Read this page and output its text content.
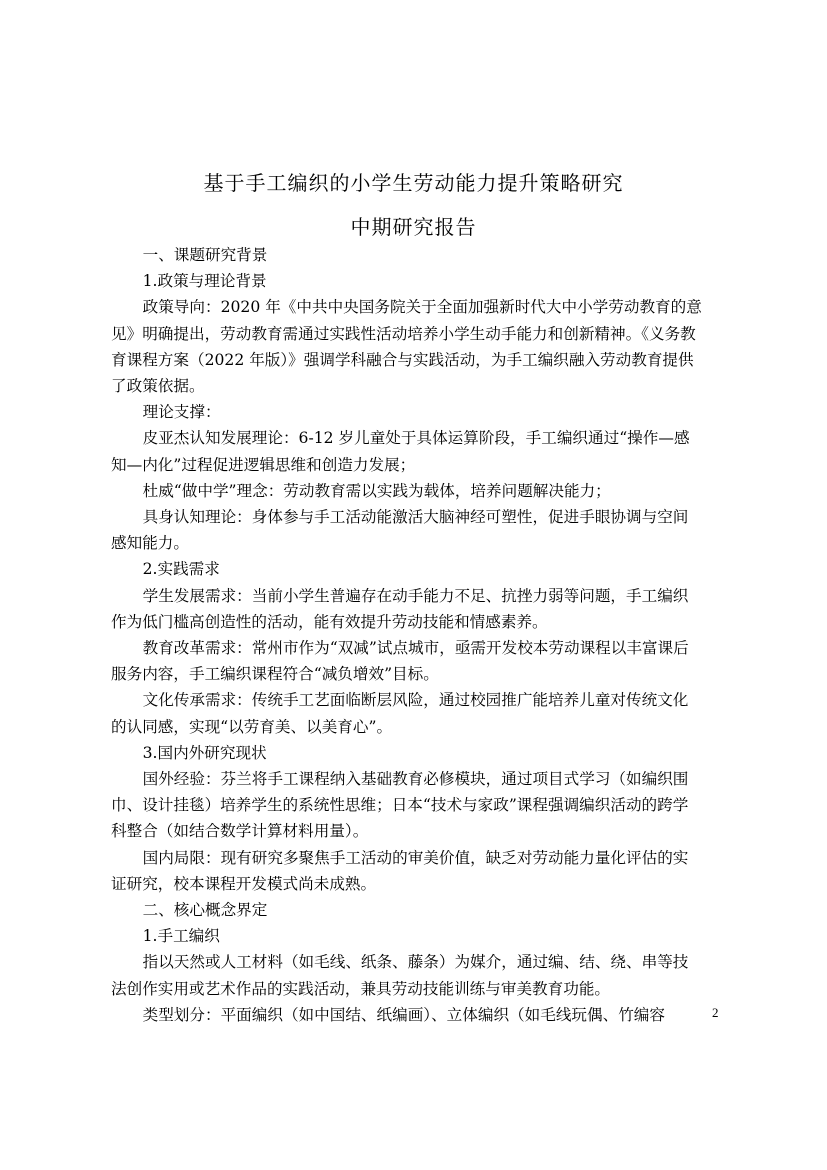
基于手工编织的小学生劳动能力提升策略研究
中期研究报告
　一、课题研究背景
　1.政策与理论背景
　政策导向：2020 年《中共中央国务院关于全面加强新时代大中小学劳动教育的意
见》明确提出，劳动教育需通过实践性活动培养小学生动手能力和创新精神。《义务教
育课程方案（2022 年版）》强调学科融合与实践活动，为手工编织融入劳动教育提供
了政策依据。
　理论支撑：
　皮亚杰认知发展理论：6-12 岁儿童处于具体运算阶段，手工编织通过“操作—感
知—内化”过程促进逻辑思维和创造力发展；
　杜威“做中学”理念：劳动教育需以实践为载体，培养问题解决能力；
　具身认知理论：身体参与手工活动能激活大脑神经可塑性，促进手眼协调与空间
感知能力。
　2.实践需求
　学生发展需求：当前小学生普遍存在动手能力不足、抗挫力弱等问题，手工编织
作为低门槛高创造性的活动，能有效提升劳动技能和情感素养。
　教育改革需求：常州市作为“双减”试点城市，亟需开发校本劳动课程以丰富课后
服务内容，手工编织课程符合“减负增效”目标。
　文化传承需求：传统手工艺面临断层风险，通过校园推广能培养儿童对传统文化
的认同感，实现“以劳育美、以美育心”。
　3.国内外研究现状
　国外经验：芬兰将手工课程纳入基础教育必修模块，通过项目式学习（如编织围
巾、设计挂毯）培养学生的系统性思维；日本“技术与家政”课程强调编织活动的跨学
科整合（如结合数学计算材料用量）。
　国内局限：现有研究多聚焦手工活动的审美价值，缺乏对劳动能力量化评估的实
证研究，校本课程开发模式尚未成熟。
　二、核心概念界定
　1.手工编织
　指以天然或人工材料（如毛线、纸条、藤条）为媒介，通过编、结、绕、串等技
法创作实用或艺术作品的实践活动，兼具劳动技能训练与审美教育功能。
　类型划分：平面编织（如中国结、纸编画）、立体编织（如毛线玩偶、竹编容	2
